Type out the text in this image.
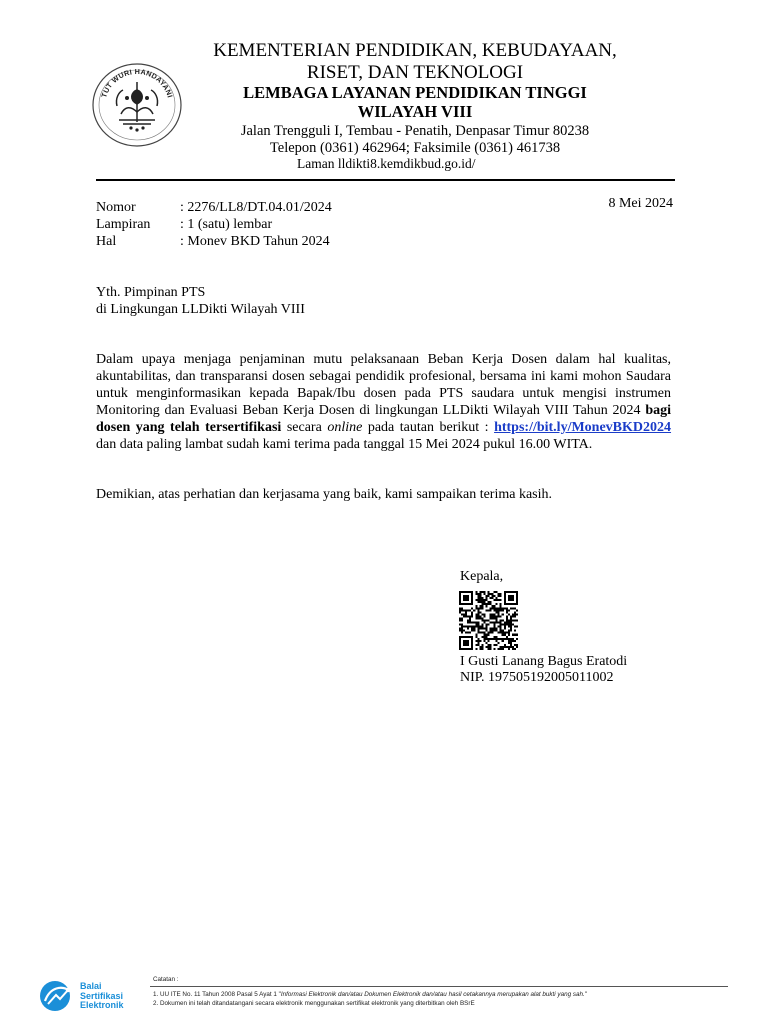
TUT WURI HANDAYANI
KEMENTERIAN PENDIDIKAN, KEBUDAYAAN,
RISET, DAN TEKNOLOGI
LEMBAGA LAYANAN PENDIDIKAN TINGGI
WILAYAH VIII
Jalan Trengguli I, Tembau - Penatih, Denpasar Timur 80238
Telepon (0361) 462964; Faksimile (0361) 461738
Laman lldikti8.kemdikbud.go.id/
Nomor	: 2276/LL8/DT.04.01/2024
Lampiran : 1 (satu) lembar
Hal	: Monev BKD Tahun 2024
8 Mei 2024
Yth. Pimpinan PTS
di Lingkungan LLDikti Wilayah VIII
Dalam upaya menjaga penjaminan mutu pelaksanaan Beban Kerja Dosen dalam hal kualitas, akuntabilitas, dan transparansi dosen sebagai pendidik profesional, bersama ini kami mohon Saudara untuk menginformasikan kepada Bapak/Ibu dosen pada PTS saudara untuk mengisi instrumen Monitoring dan Evaluasi Beban Kerja Dosen di lingkungan LLDikti Wilayah VIII Tahun 2024 bagi dosen yang telah tersertifikasi secara online pada tautan berikut : https://bit.ly/MonevBKD2024 dan data paling lambat sudah kami terima pada tanggal 15 Mei 2024 pukul 16.00 WITA.
Demikian, atas perhatian dan kerjasama yang baik, kami sampaikan terima kasih.
Kepala,
I Gusti Lanang Bagus Eratodi
NIP. 197505192005011002
Balai
Sertifikasi
Elektronik
Catatan :
1. UU ITE No. 11 Tahun 2008 Pasal 5 Ayat 1 "Informasi Elektronik dan/atau Dokumen Elektronik dan/atau hasil cetakannya merupakan alat bukti yang sah."
2. Dokumen ini telah ditandatangani secara elektronik menggunakan sertifikat elektronik yang diterbitkan oleh BSrE
